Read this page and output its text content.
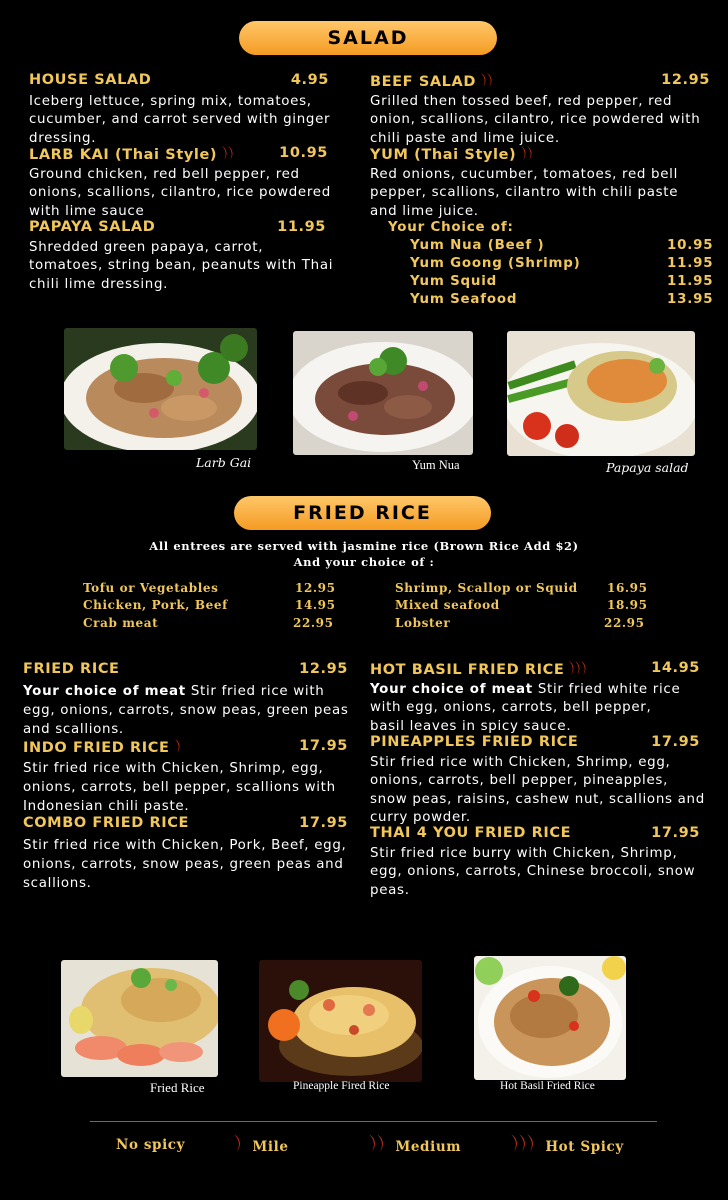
SALAD
HOUSE SALAD	4.95
Iceberg lettuce, spring mix, tomatoes, cucumber, and carrot served with ginger dressing.
LARB KAI (Thai Style)	10.95
Ground chicken, red bell pepper, red onions, scallions, cilantro, rice powdered with lime sauce
PAPAYA SALAD	11.95
Shredded green papaya, carrot, tomatoes, string bean, peanuts with Thai chili lime dressing.
BEEF SALAD	12.95
Grilled then tossed beef, red pepper, red onion, scallions, cilantro, rice powdered with chili paste and lime juice.
YUM (Thai Style)
Red onions, cucumber, tomatoes, red bell pepper, scallions, cilantro with chili paste and lime juice.
Your Choice of:
Yum Nua (Beef )	10.95
Yum Goong (Shrimp)	11.95
Yum Squid	11.95
Yum Seafood	13.95
Larb Gai	Yum Nua	Papaya salad
FRIED RICE
All entrees are served with jasmine rice (Brown Rice Add $2)
And your choice of :
Tofu or Vegetables	12.95
Chicken, Pork, Beef	14.95
Crab meat	22.95
Shrimp, Scallop or Squid 16.95
Mixed seafood	18.95
Lobster	22.95
FRIED RICE	12.95
Your choice of meat Stir fried rice with egg, onions, carrots, snow peas, green peas and scallions.
INDO FRIED RICE	17.95
Stir fried rice with Chicken, Shrimp, egg, onions, carrots, bell pepper, scallions with Indonesian chili paste.
COMBO FRIED RICE	17.95
Stir fried rice with Chicken, Pork, Beef, egg, onions, carrots, snow peas, green peas and scallions.
HOT BASIL FRIED RICE	14.95
Your choice of meat Stir fried white rice with egg, onions, carrots, bell pepper, basil leaves in spicy sauce.
PINEAPPLES FRIED RICE	17.95
Stir fried rice with Chicken, Shrimp, egg, onions, carrots, bell pepper, pineapples, snow peas, raisins, cashew nut, scallions and curry powder.
THAI 4 YOU FRIED RICE	17.95
Stir fried rice burry with Chicken, Shrimp, egg, onions, carrots, Chinese broccoli, snow peas.
Fried Rice	Pineapple Fired Rice	Hot Basil Fried Rice
No spicy	Mile	Medium	Hot Spicy
